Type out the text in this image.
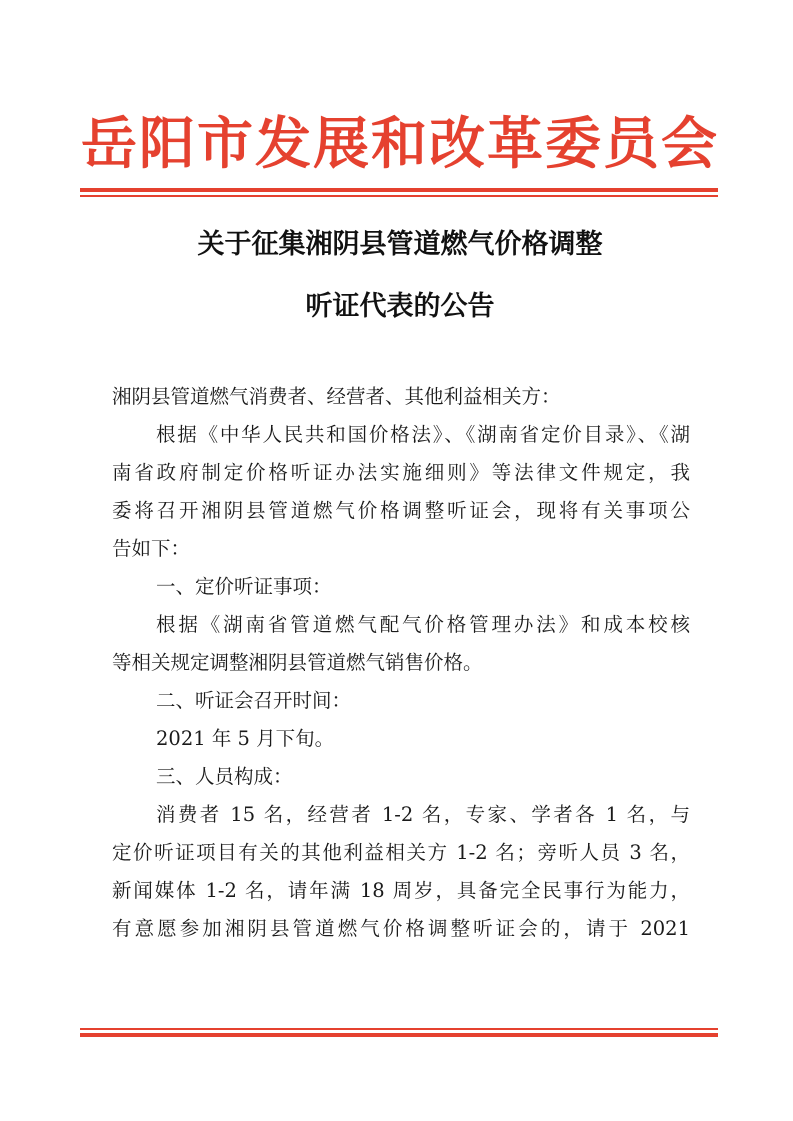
岳阳市发展和改革委员会
关于征集湘阴县管道燃气价格调整
听证代表的公告
湘阴县管道燃气消费者、经营者、其他利益相关方：
根据《中华人民共和国价格法》、《湖南省定价目录》、《湖
南省政府制定价格听证办法实施细则》等法律文件规定，我
委将召开湘阴县管道燃气价格调整听证会，现将有关事项公
告如下：
一、定价听证事项：
根据《湖南省管道燃气配气价格管理办法》和成本校核
等相关规定调整湘阴县管道燃气销售价格。
二、听证会召开时间：
2021 年 5 月下旬。
三、人员构成：
消费者 15 名，经营者 1-2 名，专家、学者各 1 名，与
定价听证项目有关的其他利益相关方 1-2 名；旁听人员 3 名，
新闻媒体 1-2 名，请年满 18 周岁，具备完全民事行为能力，
有意愿参加湘阴县管道燃气价格调整听证会的，请于 2021
